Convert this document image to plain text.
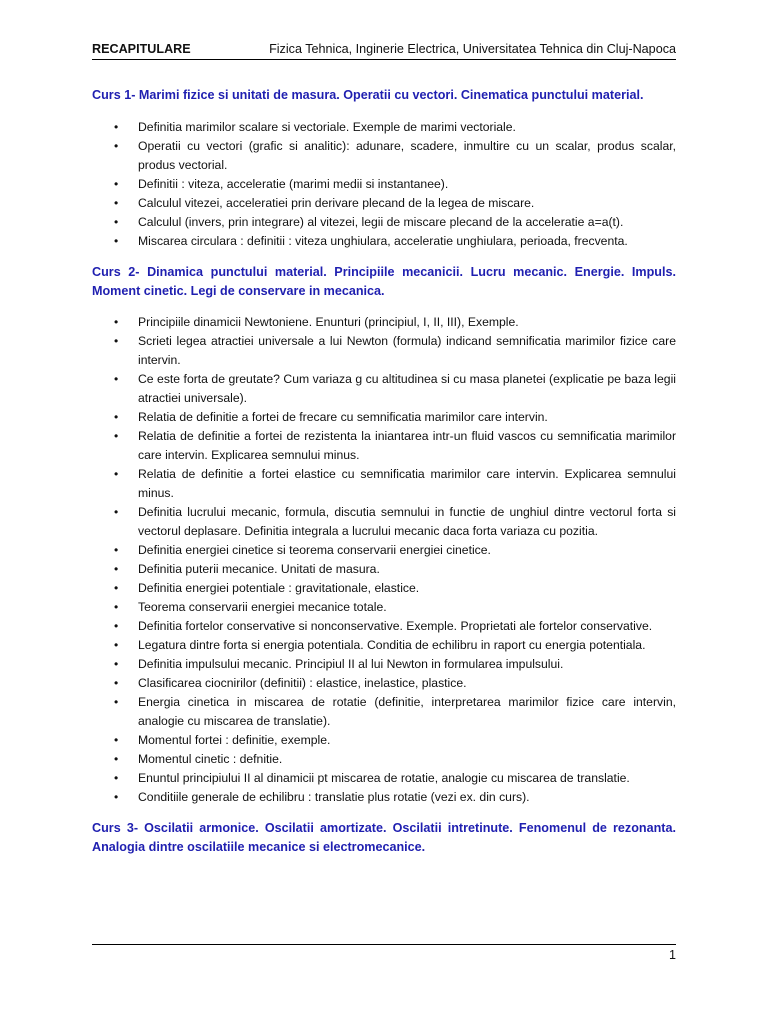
RECAPITULARE	Fizica Tehnica, Inginerie Electrica, Universitatea Tehnica din Cluj-Napoca

Curs 1- Marimi fizice si unitati de masura. Operatii cu vectori. Cinematica punctului material.

• Definitia marimilor scalare si vectoriale. Exemple de marimi vectoriale.
• Operatii cu vectori (grafic si analitic): adunare, scadere, inmultire cu un scalar, produs scalar, produs vectorial.
• Definitii : viteza, acceleratie (marimi medii si instantanee).
• Calculul vitezei, acceleratiei prin derivare plecand de la legea de miscare.
• Calculul (invers, prin integrare) al vitezei, legii de miscare plecand de la acceleratie a=a(t).
• Miscarea circulara : definitii : viteza unghiulara, acceleratie unghiulara, perioada, frecventa.

Curs 2- Dinamica punctului material. Principiile mecanicii. Lucru mecanic. Energie. Impuls. Moment cinetic. Legi de conservare in mecanica.

• Principiile dinamicii Newtoniene. Enunturi (principiul, I, II, III), Exemple.
• Scrieti legea atractiei universale a lui Newton (formula) indicand semnificatia marimilor fizice care intervin.
• Ce este forta de greutate? Cum variaza g cu altitudinea si cu masa planetei (explicatie pe baza legii atractiei universale).
• Relatia de definitie a fortei de frecare cu semnificatia marimilor care intervin.
• Relatia de definitie a fortei de rezistenta la iniantarea intr-un fluid vascos cu semnificatia marimilor care intervin. Explicarea semnului minus.
• Relatia de definitie a fortei elastice cu semnificatia marimilor care intervin. Explicarea semnului minus.
• Definitia lucrului mecanic, formula, discutia semnului in functie de unghiul dintre vectorul forta si vectorul deplasare. Definitia integrala a lucrului mecanic daca forta variaza cu pozitia.
• Definitia energiei cinetice si teorema conservarii energiei cinetice.
• Definitia puterii mecanice. Unitati de masura.
• Definitia energiei potentiale : gravitationale, elastice.
• Teorema conservarii energiei mecanice totale.
• Definitia fortelor conservative si nonconservative. Exemple. Proprietati ale fortelor conservative.
• Legatura dintre forta si energia potentiala. Conditia de echilibru in raport cu energia potentiala.
• Definitia impulsului mecanic. Principiul II al lui Newton in formularea impulsului.
• Clasificarea ciocnirilor (definitii) : elastice, inelastice, plastice.
• Energia cinetica in miscarea de rotatie (definitie, interpretarea marimilor fizice care intervin, analogie cu miscarea de translatie).
• Momentul fortei : definitie, exemple.
• Momentul cinetic : defnitie.
• Enuntul principiului II al dinamicii pt miscarea de rotatie, analogie cu miscarea de translatie.
• Conditiile generale de echilibru : translatie plus rotatie (vezi ex. din curs).

Curs 3- Oscilatii armonice. Oscilatii amortizate. Oscilatii intretinute. Fenomenul de rezonanta. Analogia dintre oscilatiile mecanice si electromecanice.

1
